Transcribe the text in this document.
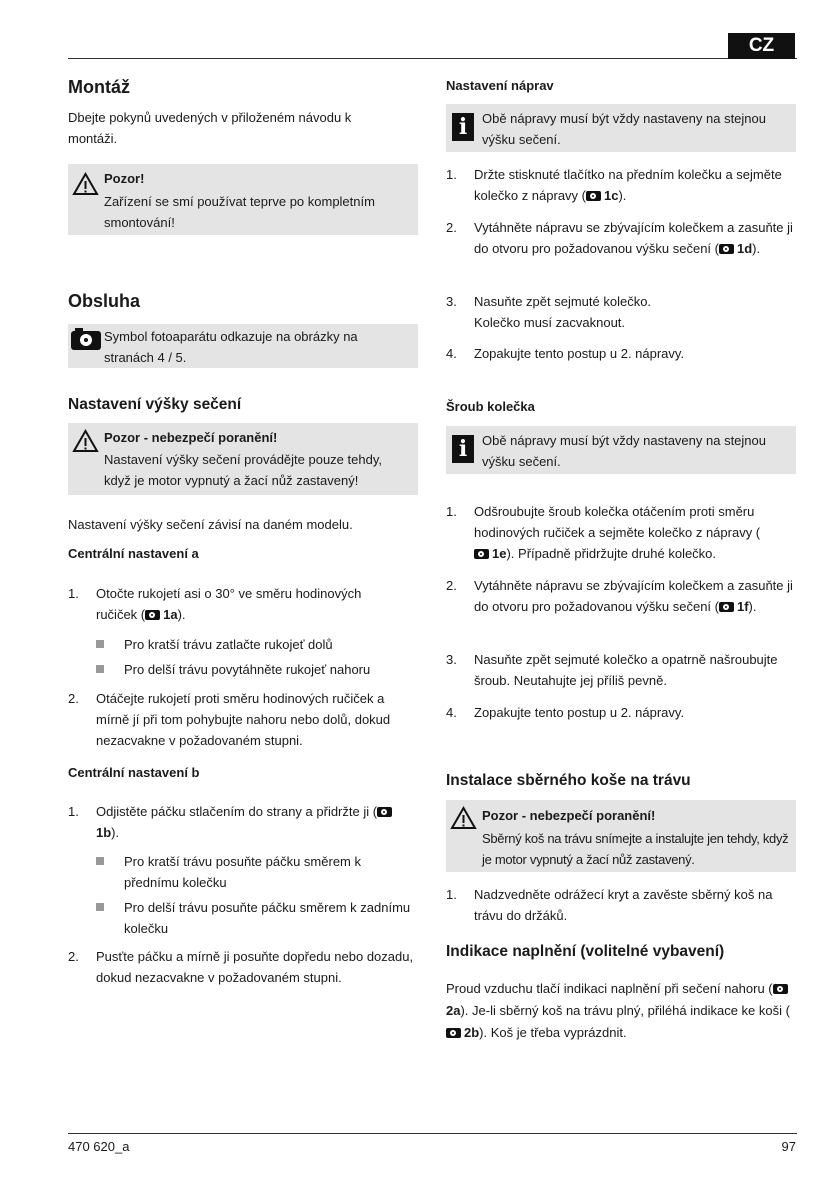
CZ
Montáž
Dbejte pokynů uvedených v přiloženém návodu k montáži.
Pozor!
Zařízení se smí používat teprve po kompletním smontování!
Obsluha
Symbol fotoaparátu odkazuje na obrázky na stranách 4 / 5.
Nastavení výšky sečení
Pozor - nebezpečí poranění!
Nastavení výšky sečení provádějte pouze tehdy, když je motor vypnutý a žací nůž zastavený!
Nastavení výšky sečení závisí na daném modelu.
Centrální nastavení a
1. Otočte rukojetí asi o 30° ve směru hodinových ručiček ( 1a).
Pro kratší trávu zatlačte rukojeť dolů
Pro delší trávu povytáhněte rukojeť nahoru
2. Otáčejte rukojetí proti směru hodinových ručiček a mírně jí při tom pohybujte nahoru nebo dolů, dokud nezacvakne v požadovaném stupni.
Centrální nastavení b
1. Odjistěte páčku stlačením do strany a přidržte ji (1b).
Pro kratší trávu posuňte páčku směrem k přednímu kolečku
Pro delší trávu posuňte páčku směrem k zadnímu kolečku
2. Pusťte páčku a mírně ji posuňte dopředu nebo dozadu, dokud nezacvakne v požadovaném stupni.
Nastavení náprav
i	Obě nápravy musí být vždy nastaveny na stejnou výšku sečení.
1. Držte stisknuté tlačítko na předním kolečku a sejměte kolečko z nápravy ( 1c).
2. Vytáhněte nápravu se zbývajícím kolečkem a zasuňte ji do otvoru pro požadovanou výšku sečení ( 1d).
3. Nasuňte zpět sejmuté kolečko.
Kolečko musí zacvaknout.
4. Zopakujte tento postup u 2. nápravy.
Šroub kolečka
i	Obě nápravy musí být vždy nastaveny na stejnou výšku sečení.
1. Odšroubujte šroub kolečka otáčením proti směru hodinových ručiček a sejměte kolečko z nápravy (1e). Případně přidržujte druhé kolečko.
2. Vytáhněte nápravu se zbývajícím kolečkem a zasuňte ji do otvoru pro požadovanou výšku sečení ( 1f).
3. Nasuňte zpět sejmuté kolečko a opatrně našroubujte šroub. Neutahujte jej příliš pevně.
4. Zopakujte tento postup u 2. nápravy.
Instalace sběrného koše na trávu
Pozor - nebezpečí poranění!
Sběrný koš na trávu snímejte a instalujte jen tehdy, když je motor vypnutý a žací nůž zastavený.
1. Nadzvedněte odrážecí kryt a zavěste sběrný koš na trávu do držáků.
Indikace naplnění (volitelné vybavení)
Proud vzduchu tlačí indikaci naplnění při sečení nahoru (2a). Je-li sběrný koš na trávu plný, přiléhá indikace ke koši (2b). Koš je třeba vyprázdnit.
470 620_a	97
